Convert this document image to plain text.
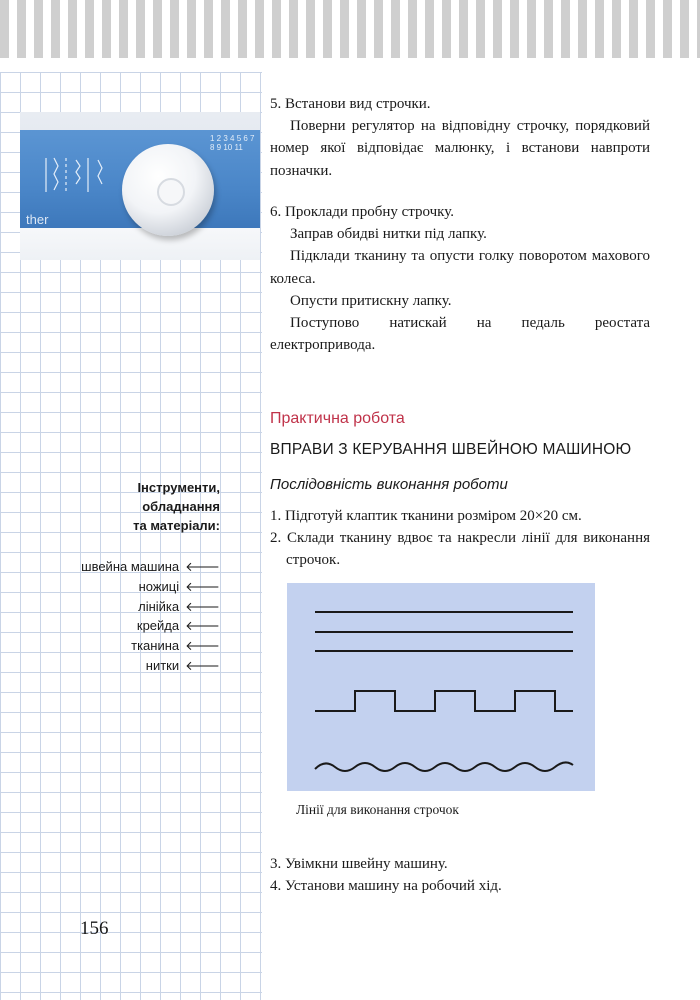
1 2 3 4 5 6 7 8 9 10 11
ther

5. Встанови вид строчки.

Поверни регулятор на відповідну строчку, порядковий номер якої відповідає малюнку, і встанови навпроти позначки.

6. Проклади пробну строчку.

Заправ обидві нитки під лапку.

Підклади тканину та опусти голку поворотом махового колеса.

Опусти притискну лапку.

Поступово натискай на педаль реостата електропривода.

Практична робота
ВПРАВИ З КЕРУВАННЯ ШВЕЙНОЮ МАШИНОЮ
Послідовність виконання роботи
1. Підготуй клаптик тканини розміром 20×20 см.
2. Склади тканину вдвоє та накресли лінії для виконання строчок.
Лінії для виконання строчок
3. Увімкни швейну машину.
4. Установи машину на робочий хід.
Інструменти,
обладнання
та матеріали:
швейна машина 🡐
ножиці 🡐
лінійка 🡐
крейда 🡐
тканина 🡐
нитки 🡐
156
